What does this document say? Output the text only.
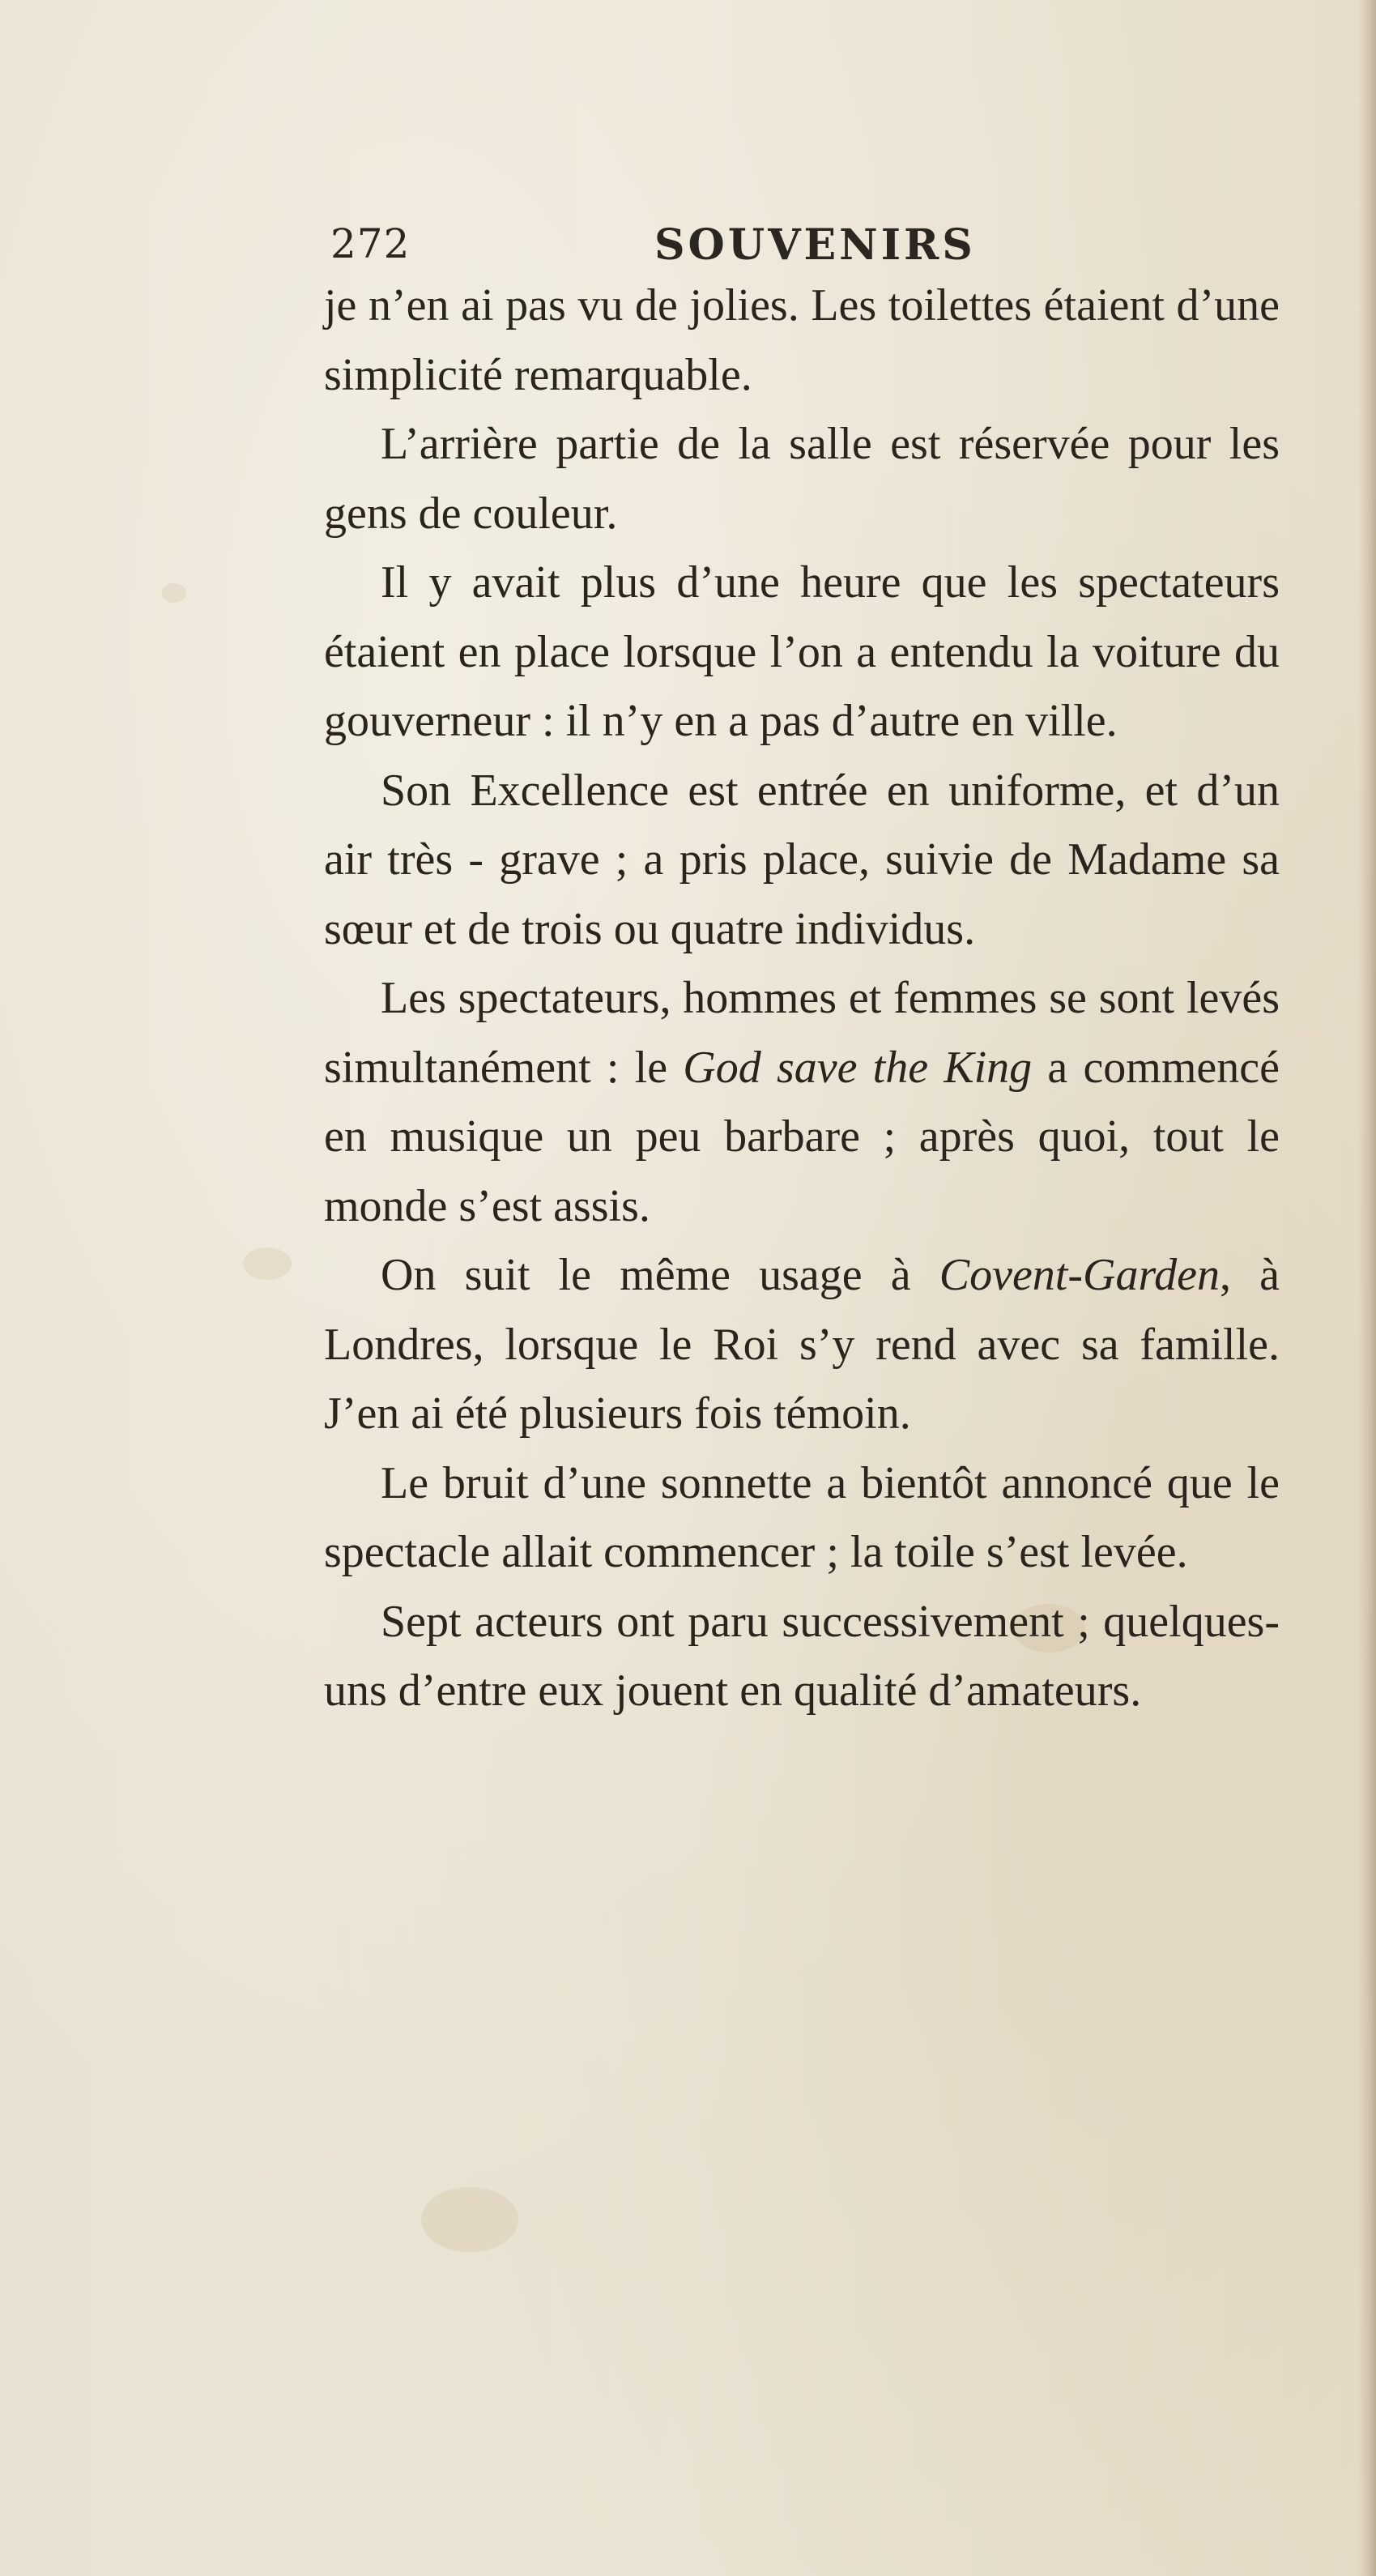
272	SOUVENIRS

je n’en ai pas vu de jolies. Les toilettes étaient d’une simplicité remarquable.

L’arrière partie de la salle est réservée pour les gens de couleur.

Il y avait plus d’une heure que les spectateurs étaient en place lorsque l’on a entendu la voiture du gouverneur : il n’y en a pas d’autre en ville.

Son Excellence est entrée en uniforme, et d’un air très - grave ; a pris place, suivie de Madame sa sœur et de trois ou quatre individus.

Les spectateurs, hommes et femmes se sont levés simultanément : le God save the King a commencé en musique un peu barbare ; après quoi, tout le monde s’est assis.

On suit le même usage à Covent-Garden, à Londres, lorsque le Roi s’y rend avec sa famille. J’en ai été plusieurs fois témoin.

Le bruit d’une sonnette a bientôt annoncé que le spectacle allait commencer ; la toile s’est levée.

Sept acteurs ont paru successivement ; quelques-uns d’entre eux jouent en qualité d’amateurs.
